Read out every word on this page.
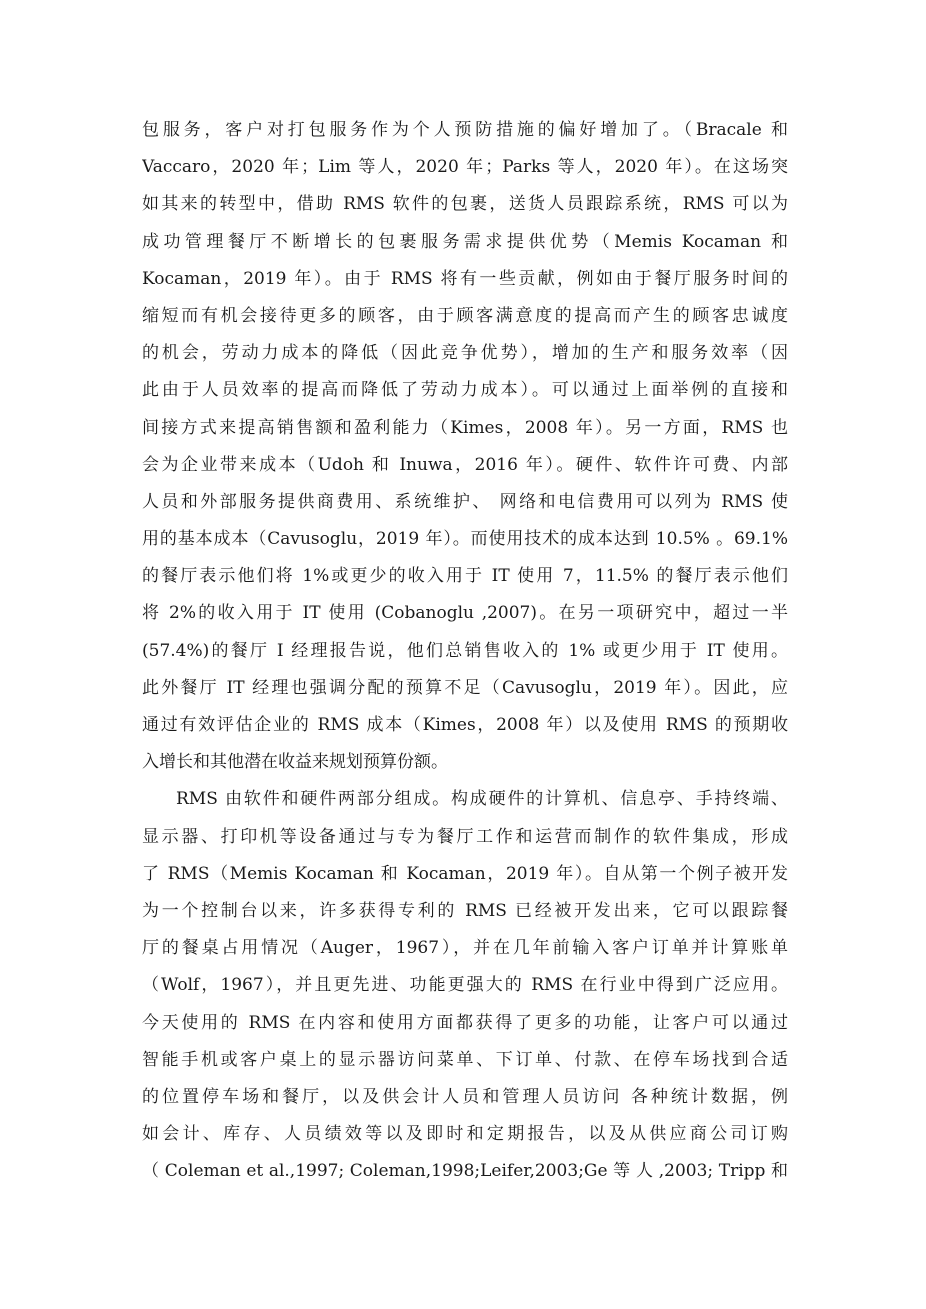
包服务，客户对打包服务作为个人预防措施的偏好增加了。（Bracale 和
Vaccaro，2020 年；Lim 等人，2020 年；Parks 等人，2020 年）。在这场突
如其来的转型中，借助 RMS 软件的包裹，送货人员跟踪系统，RMS 可以为
成功管理餐厅不断增长的包裹服务需求提供优势（Memis Kocaman 和
Kocaman，2019 年）。由于 RMS 将有一些贡献，例如由于餐厅服务时间的
缩短而有机会接待更多的顾客，由于顾客满意度的提高而产生的顾客忠诚度
的机会，劳动力成本的降低（因此竞争优势），增加的生产和服务效率（因
此由于人员效率的提高而降低了劳动力成本）。可以通过上面举例的直接和
间接方式来提高销售额和盈利能力（Kimes，2008 年）。另一方面，RMS 也
会为企业带来成本（Udoh 和 Inuwa，2016 年）。硬件、软件许可费、内部
人员和外部服务提供商费用、系统维护、 网络和电信费用可以列为 RMS 使
用的基本成本（Cavusoglu，2019 年）。而使用技术的成本达到 10.5% 。69.1%
的餐厅表示他们将 1%或更少的收入用于 IT 使用 7，11.5% 的餐厅表示他们
将 2%的收入用于 IT 使用 (Cobanoglu ,2007)。在另一项研究中，超过一半
(57.4%)的餐厅 I 经理报告说，他们总销售收入的 1% 或更少用于 IT 使用。
此外餐厅 IT 经理也强调分配的预算不足（Cavusoglu，2019 年）。因此，应
通过有效评估企业的 RMS 成本（Kimes，2008 年）以及使用 RMS 的预期收
入增长和其他潜在收益来规划预算份额。
RMS 由软件和硬件两部分组成。构成硬件的计算机、信息亭、手持终端、
显示器、打印机等设备通过与专为餐厅工作和运营而制作的软件集成，形成
了 RMS（Memis Kocaman 和 Kocaman，2019 年）。自从第一个例子被开发
为一个控制台以来，许多获得专利的 RMS 已经被开发出来，它可以跟踪餐
厅的餐桌占用情况（Auger，1967），并在几年前输入客户订单并计算账单
（Wolf，1967），并且更先进、功能更强大的 RMS 在行业中得到广泛应用。
今天使用的 RMS 在内容和使用方面都获得了更多的功能，让客户可以通过
智能手机或客户桌上的显示器访问菜单、下订单、付款、在停车场找到合适
的位置停车场和餐厅，以及供会计人员和管理人员访问 各种统计数据，例
如会计、库存、人员绩效等以及即时和定期报告，以及从供应商公司订购
（ Coleman et al.,1997; Coleman,1998;Leifer,2003;Ge 等 人 ,2003; Tripp 和
